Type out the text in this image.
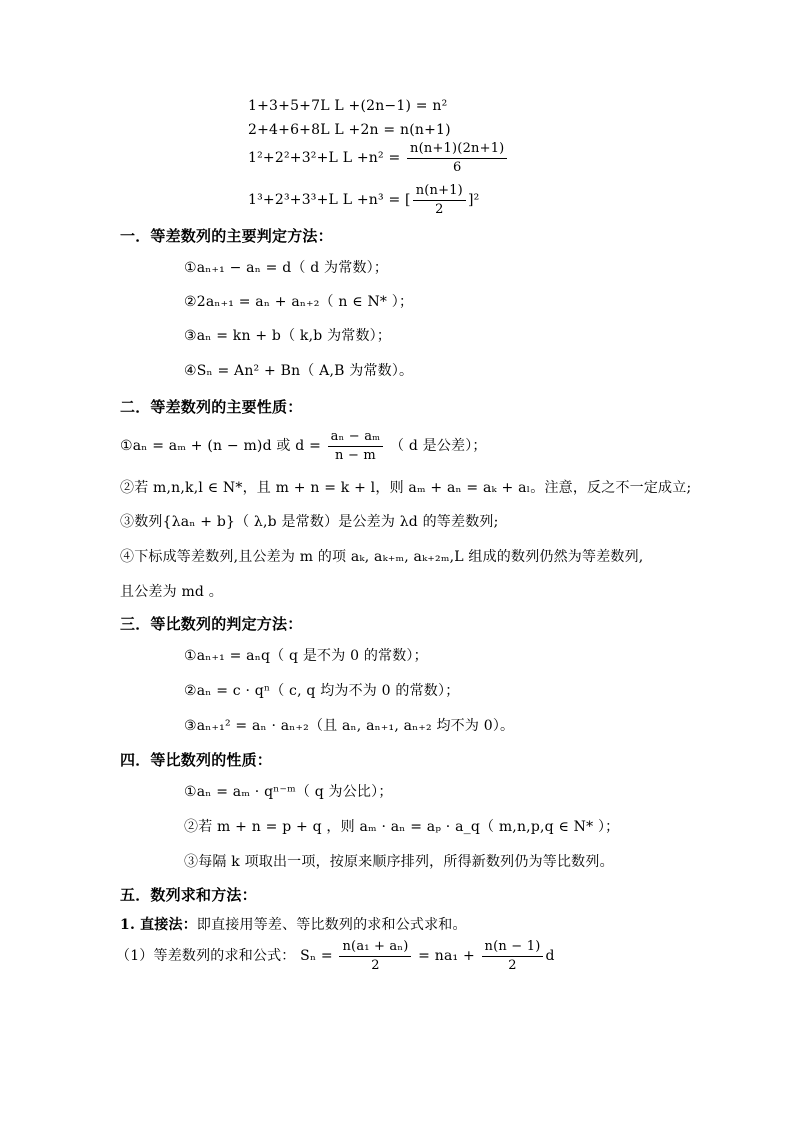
1+3+5+7L L +(2n−1) = n²
2+4+6+8L L +2n = n(n+1)
1²+2²+3²+L $L +n^2 = \frac{n(n+1)(2n+1)}{6}$
1³+2³+3³+L L +n³ = [ $\frac{n(n+1)}{2} ]^2$
一．等差数列的主要判定方法：
①aₙ₊₁ − aₙ = d（ d 为常数）；
②2aₙ₊₁ = aₙ + aₙ₊₂（ n ∈ N* ）；
③aₙ = kn + b（ k,b 为常数）；
④Sₙ = An² + Bn（ A,B 为常数）。
二．等差数列的主要性质：
①aₙ = aₘ + (n − m)d 或 $d = \frac{\text{aₙ − aₘ}}{n - m}$ （ d 是公差）；
②若 m,n,k,l ∈ N*，且 m + n = k + l，则 aₘ + aₙ = aₖ + aₗ。注意，反之不一定成立;
③数列{λaₙ + b}（ λ,b 是常数）是公差为 λd 的等差数列;
④下标成等差数列,且公差为 m 的项 aₖ, aₖ₊ₘ, aₖ₊₂ₘ,L 组成的数列仍然为等差数列,
且公差为 md 。
三．等比数列的判定方法：
①aₙ₊₁ = aₙq（ q 是不为 0 的常数）；
②aₙ = c · qⁿ（ c, q 均为不为 0 的常数）；
③aₙ₊₁² = aₙ · aₙ₊₂（且 aₙ, aₙ₊₁, aₙ₊₂ 均不为 0）。
四．等比数列的性质：
①aₙ = aₘ · qⁿ⁻ᵐ（ q 为公比）；
②若 m + n = p + q ，则 aₘ · aₙ = aₚ · a_q（ m,n,p,q ∈ N* ）；
③每隔 k 项取出一项，按原来顺序排列，所得新数列仍为等比数列。
五．数列求和方法：
1. 直接法：即直接用等差、等比数列的求和公式求和。
（1）等差数列的求和公式： $S_n = \frac{\text{n(a₁ + aₙ)}}{2} = na_1 + \frac{n(n - 1)}{2}$ d
